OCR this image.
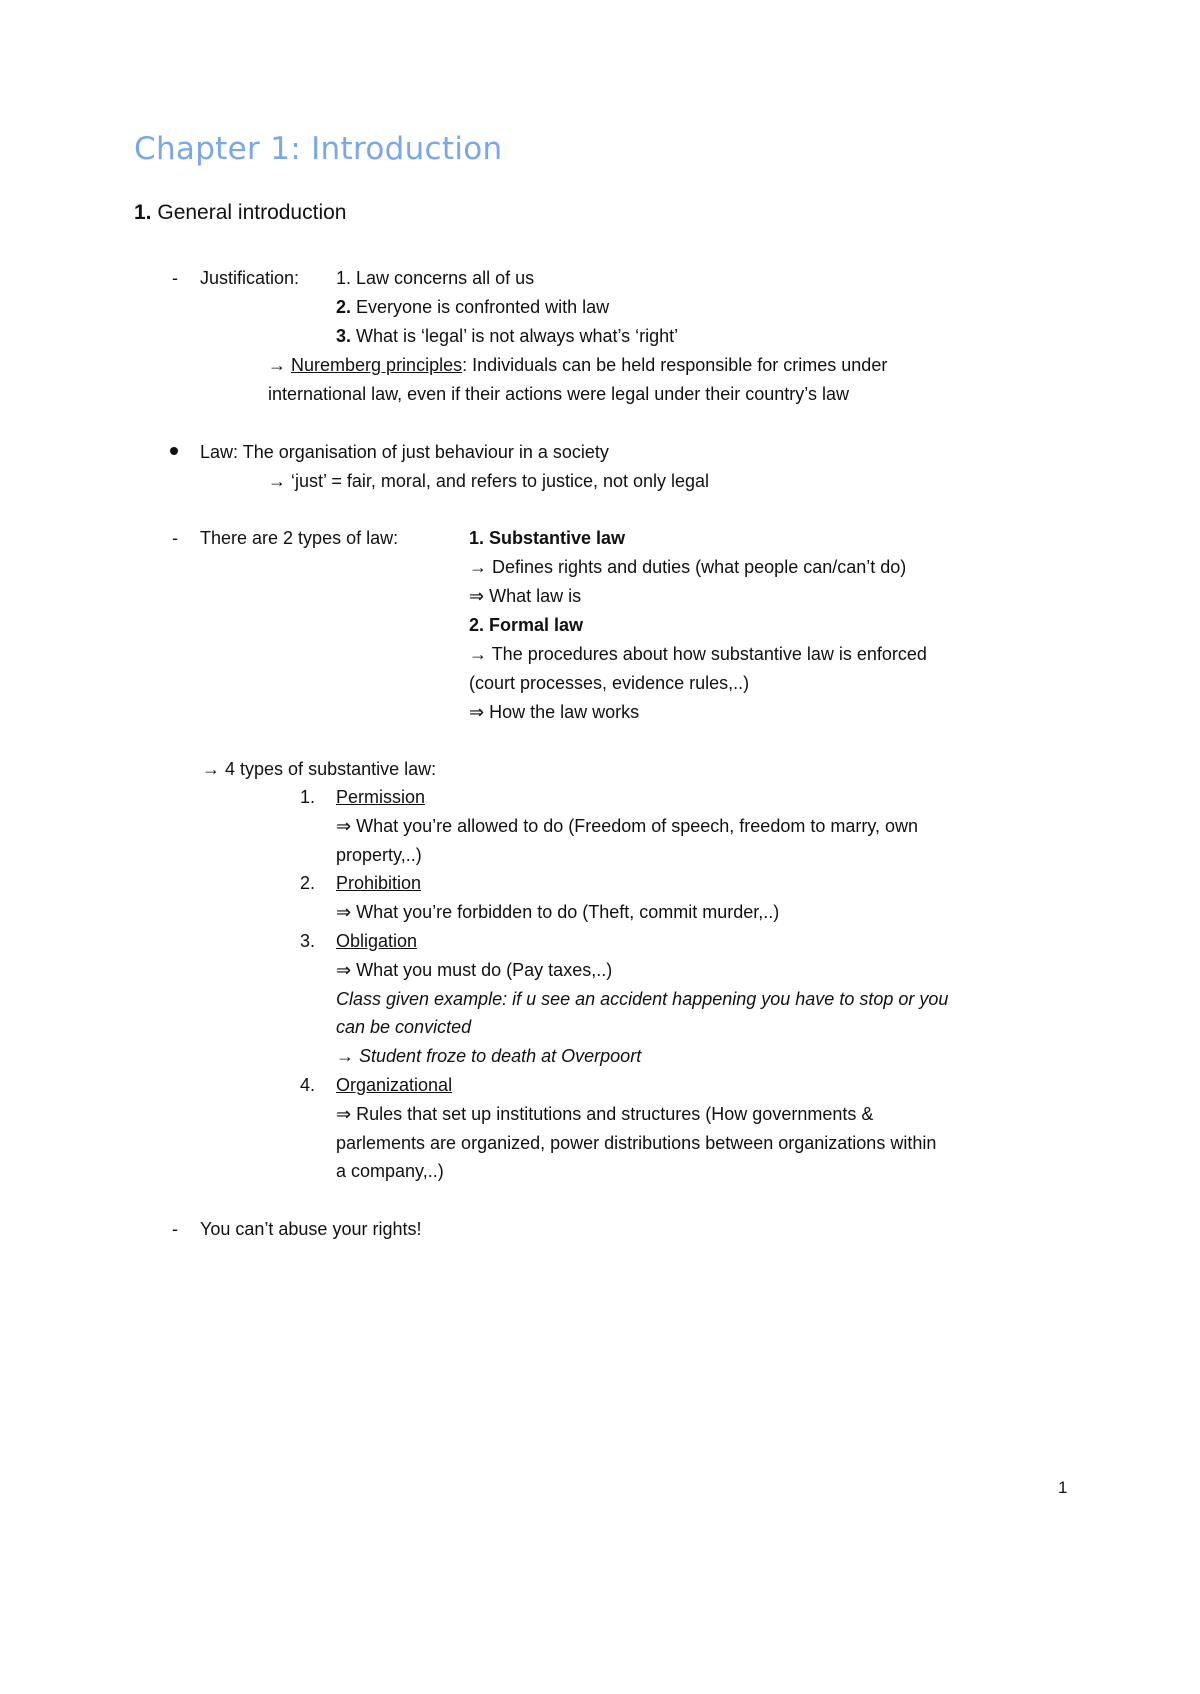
Chapter 1: Introduction
1. General introduction
- Justification: 1. Law concerns all of us
2. Everyone is confronted with law
3. What is ‘legal’ is not always what’s ‘right’
→ Nuremberg principles: Individuals can be held responsible for crimes under
international law, even if their actions were legal under their country’s law
Law: The organisation of just behaviour in a society
→ ‘just’ = fair, moral, and refers to justice, not only legal
- There are 2 types of law:	1. Substantive law
→ Defines rights and duties (what people can/can’t do)
⇒ What law is
2. Formal law
→ The procedures about how substantive law is enforced
(court processes, evidence rules,..)
⇒ How the law works
→ 4 types of substantive law:
1. Permission
⇒ What you’re allowed to do (Freedom of speech, freedom to marry, own
property,..)
2. Prohibition
⇒ What you’re forbidden to do (Theft, commit murder,..)
3. Obligation
⇒ What you must do (Pay taxes,..)
Class given example: if u see an accident happening you have to stop or you
can be convicted
→ Student froze to death at Overpoort
4. Organizational
⇒ Rules that set up institutions and structures (How governments &
parlements are organized, power distributions between organizations within
a company,..)
- You can’t abuse your rights!
1
